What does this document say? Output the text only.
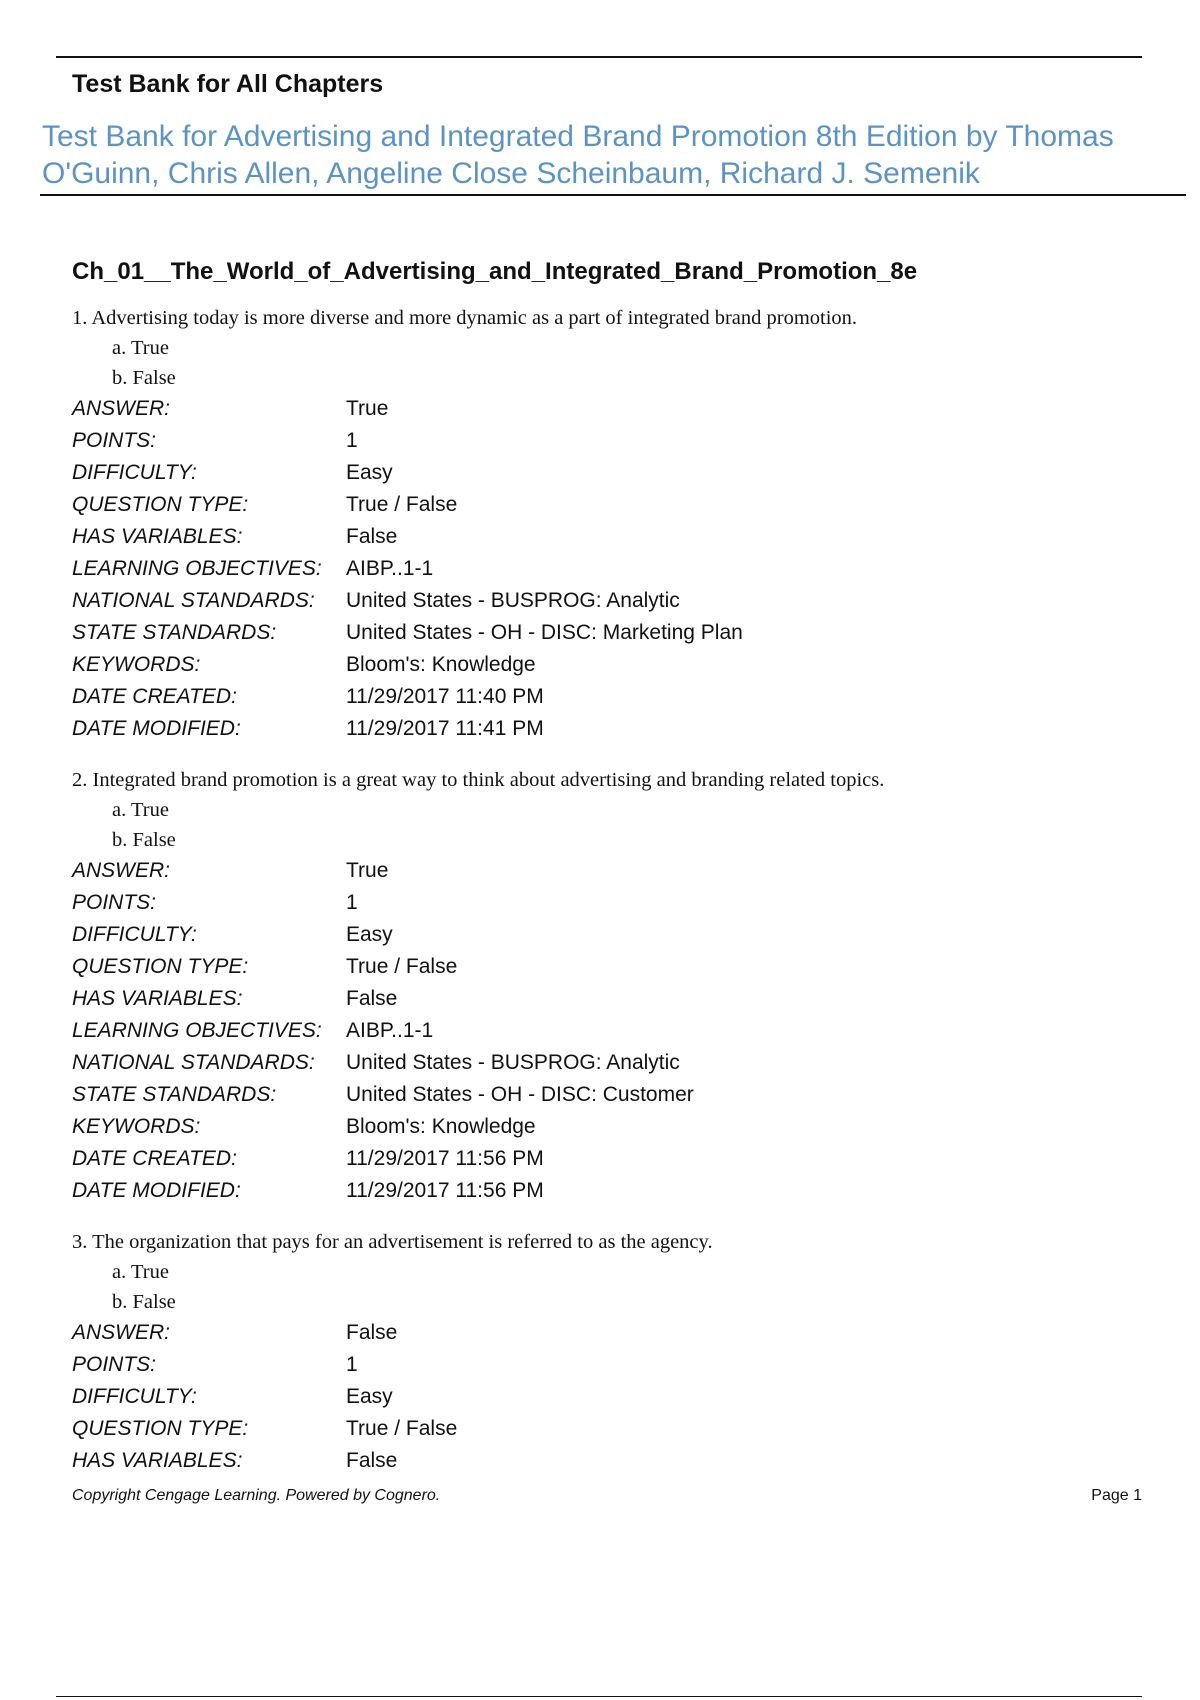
Test Bank for All Chapters
Test Bank for Advertising and Integrated Brand Promotion 8th Edition by Thomas O'Guinn, Chris Allen, Angeline Close Scheinbaum, Richard J. Semenik
Ch_01__The_World_of_Advertising_and_Integrated_Brand_Promotion_8e
1. Advertising today is more diverse and more dynamic as a part of integrated brand promotion.
a. True
b. False
ANSWER:	True
POINTS:	1
DIFFICULTY:	Easy
QUESTION TYPE:	True / False
HAS VARIABLES:	False
LEARNING OBJECTIVES: AIBP..1-1
NATIONAL STANDARDS: United States - BUSPROG: Analytic
STATE STANDARDS:	United States - OH - DISC: Marketing Plan
KEYWORDS:	Bloom's: Knowledge
DATE CREATED:	11/29/2017 11:40 PM
DATE MODIFIED:	11/29/2017 11:41 PM
2. Integrated brand promotion is a great way to think about advertising and branding related topics.
a. True
b. False
ANSWER:	True
POINTS:	1
DIFFICULTY:	Easy
QUESTION TYPE:	True / False
HAS VARIABLES:	False
LEARNING OBJECTIVES: AIBP..1-1
NATIONAL STANDARDS: United States - BUSPROG: Analytic
STATE STANDARDS:	United States - OH - DISC: Customer
KEYWORDS:	Bloom's: Knowledge
DATE CREATED:	11/29/2017 11:56 PM
DATE MODIFIED:	11/29/2017 11:56 PM
3. The organization that pays for an advertisement is referred to as the agency.
a. True
b. False
ANSWER:	False
POINTS:	1
DIFFICULTY:	Easy
QUESTION TYPE:	True / False
HAS VARIABLES:	False
Copyright Cengage Learning. Powered by Cognero.	Page 1
